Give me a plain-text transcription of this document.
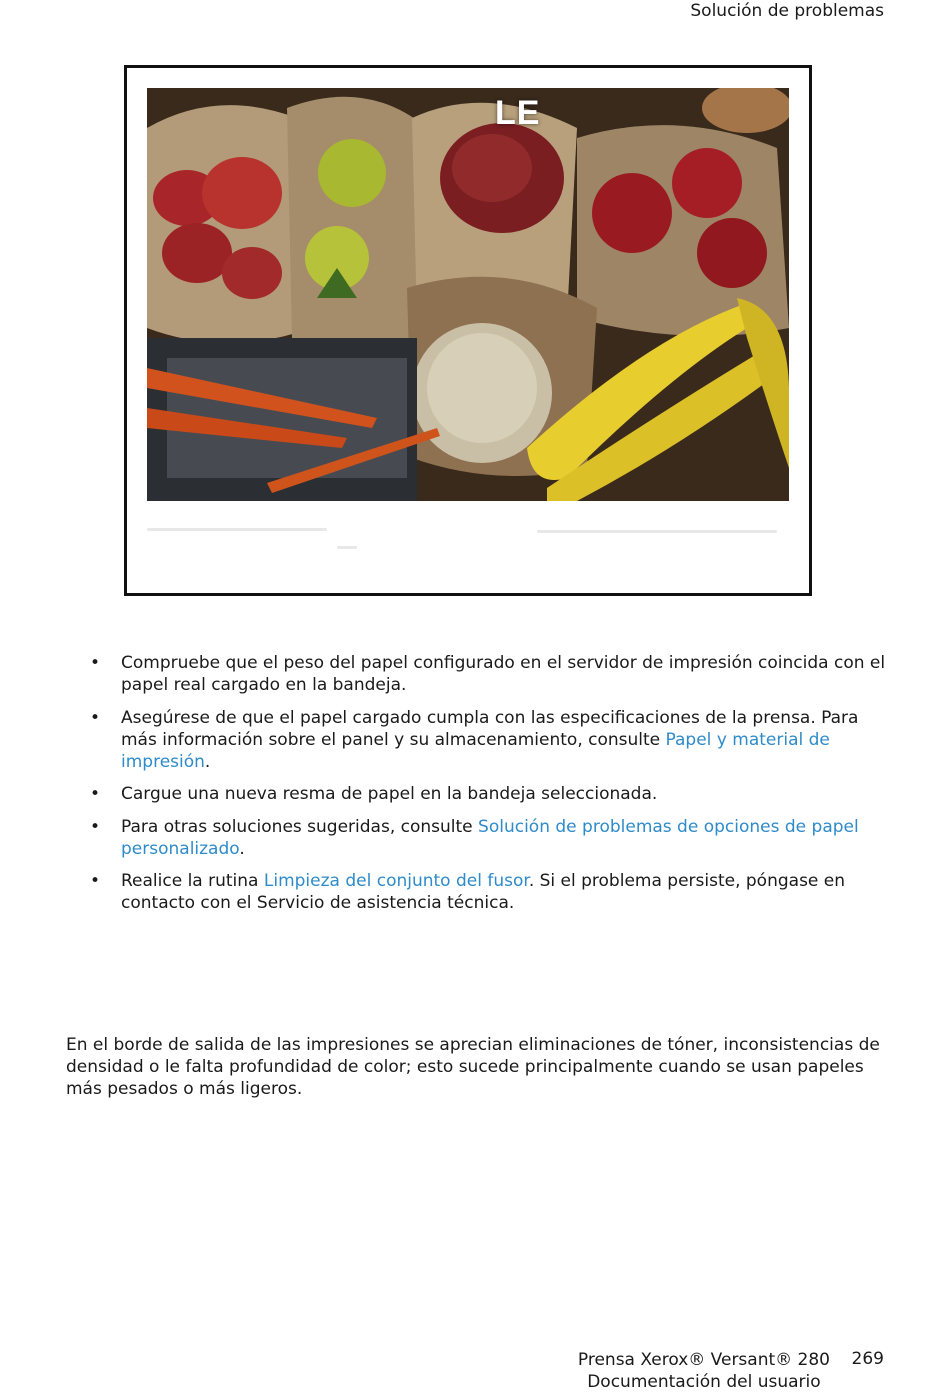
Solución de problemas
LE
• Compruebe que el peso del papel configurado en el servidor de impresión coincida con el papel real cargado en la bandeja.
• Asegúrese de que el papel cargado cumpla con las especificaciones de la prensa. Para más información sobre el panel y su almacenamiento, consulte Papel y material de impresión.
• Cargue una nueva resma de papel en la bandeja seleccionada.
• Para otras soluciones sugeridas, consulte Solución de problemas de opciones de papel personalizado.
• Realice la rutina Limpieza del conjunto del fusor. Si el problema persiste, póngase en contacto con el Servicio de asistencia técnica.

En el borde de salida de las impresiones se aprecian eliminaciones de tóner, inconsistencias de densidad o le falta profundidad de color; esto sucede principalmente cuando se usan papeles más pesados o más ligeros.

Prensa Xerox® Versant® 280
Documentación del usuario
269
